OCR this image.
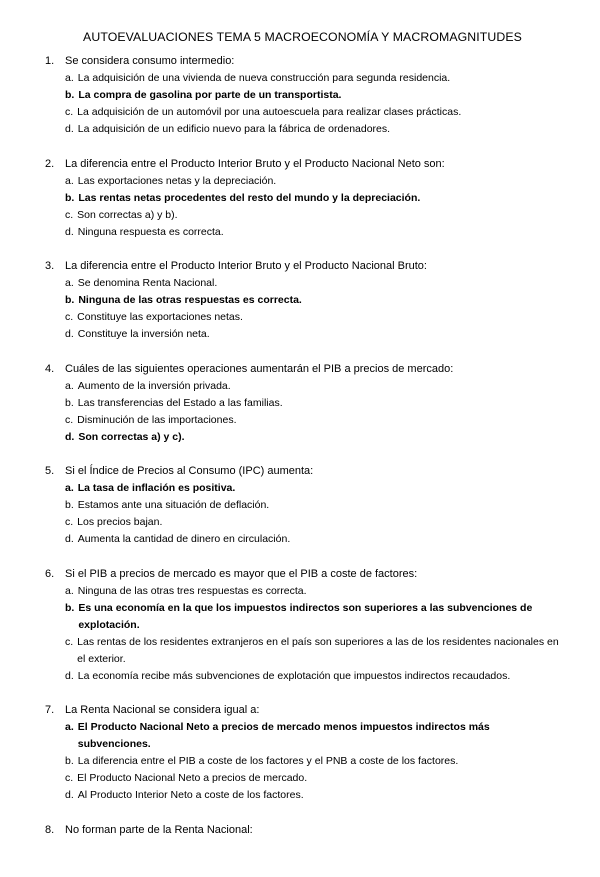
AUTOEVALUACIONES TEMA 5 MACROECONOMÍA Y MACROMAGNITUDES
1. Se considera consumo intermedio:
a. La adquisición de una vivienda de nueva construcción para segunda residencia.
b. La compra de gasolina por parte de un transportista.
c. La adquisición de un automóvil por una autoescuela para realizar clases prácticas.
d. La adquisición de un edificio nuevo para la fábrica de ordenadores.
2. La diferencia entre el Producto Interior Bruto y el Producto Nacional Neto son:
a. Las exportaciones netas y la depreciación.
b. Las rentas netas procedentes del resto del mundo y la depreciación.
c. Son correctas a) y b).
d. Ninguna respuesta es correcta.
3. La diferencia entre el Producto Interior Bruto y el Producto Nacional Bruto:
a. Se denomina Renta Nacional.
b. Ninguna de las otras respuestas es correcta.
c. Constituye las exportaciones netas.
d. Constituye la inversión neta.
4. Cuáles de las siguientes operaciones aumentarán el PIB a precios de mercado:
a. Aumento de la inversión privada.
b. Las transferencias del Estado a las familias.
c. Disminución de las importaciones.
d. Son correctas a) y c).
5. Si el Índice de Precios al Consumo (IPC) aumenta:
a. La tasa de inflación es positiva.
b. Estamos ante una situación de deflación.
c. Los precios bajan.
d. Aumenta la cantidad de dinero en circulación.
6. Si el PIB a precios de mercado es mayor que el PIB a coste de factores:
a. Ninguna de las otras tres respuestas es correcta.
b. Es una economía en la que los impuestos indirectos son superiores a las subvenciones de explotación.
c. Las rentas de los residentes extranjeros en el país son superiores a las de los residentes nacionales en el exterior.
d. La economía recibe más subvenciones de explotación que impuestos indirectos recaudados.
7. La Renta Nacional se considera igual a:
a. El Producto Nacional Neto a precios de mercado menos impuestos indirectos más subvenciones.
b. La diferencia entre el PIB a coste de los factores y el PNB a coste de los factores.
c. El Producto Nacional Neto a precios de mercado.
d. Al Producto Interior Neto a coste de los factores.
8. No forman parte de la Renta Nacional:
